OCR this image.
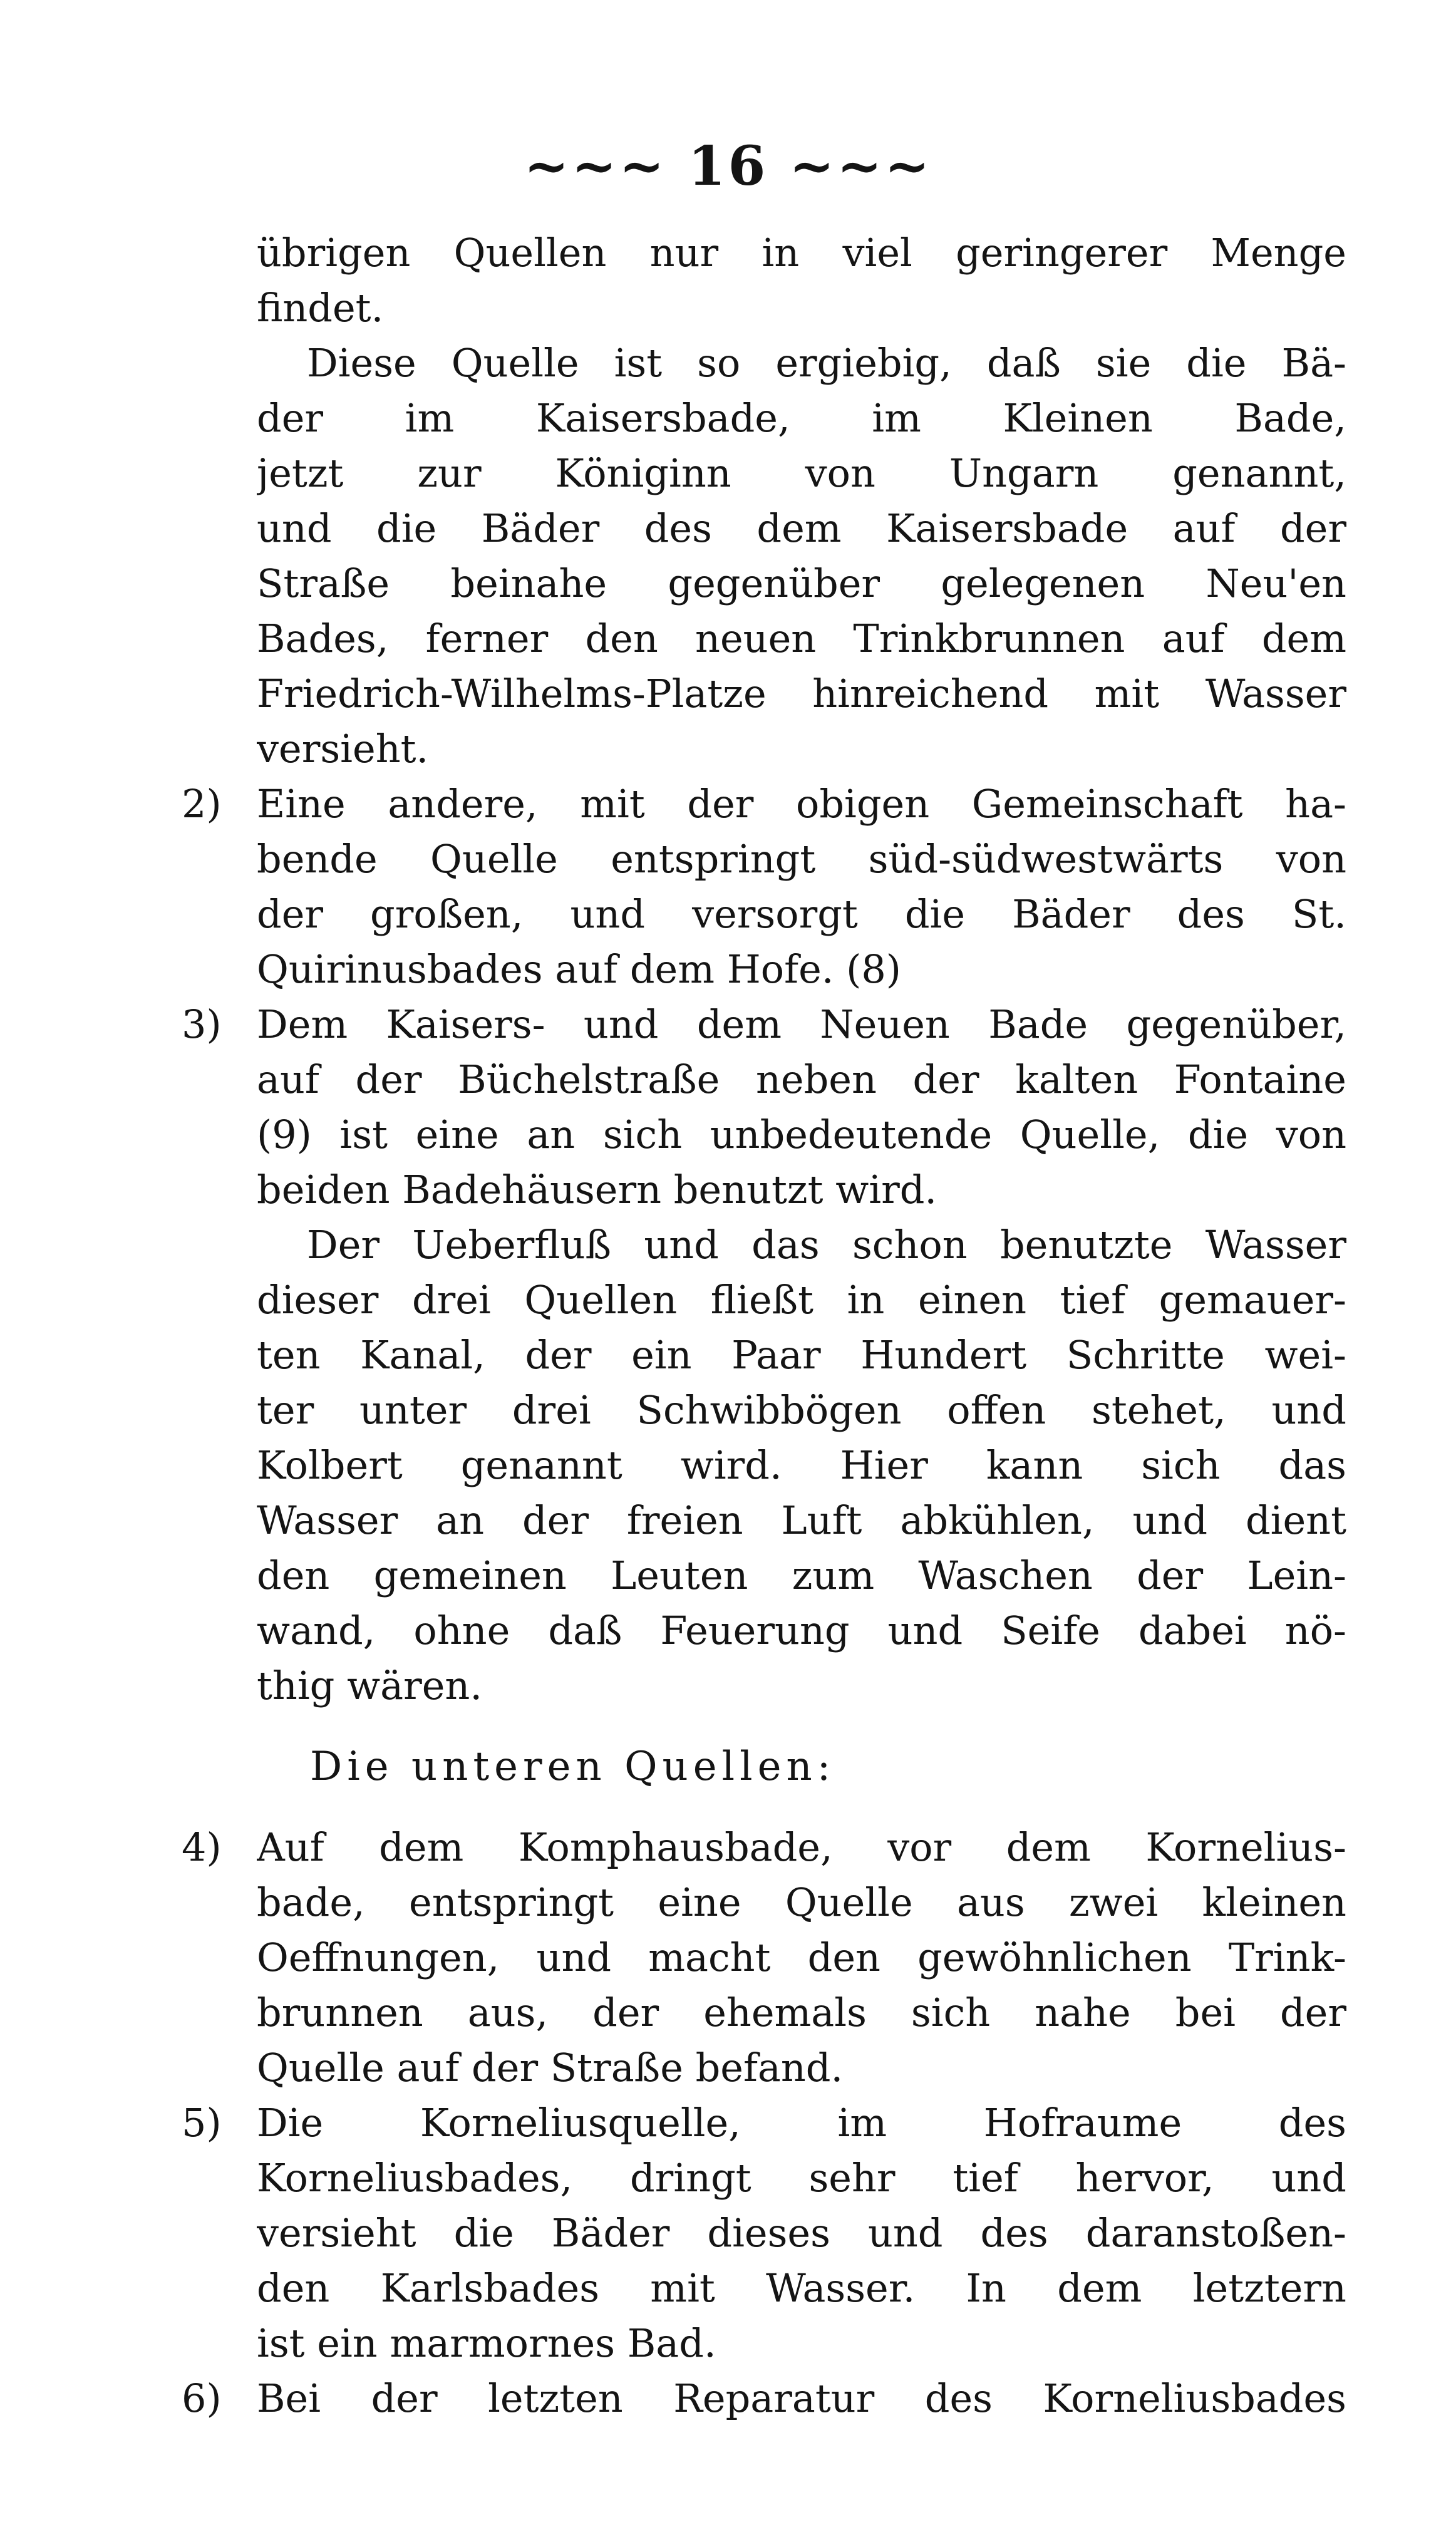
~~~ 16 ~~~
übrigen Quellen nur in viel geringerer Menge
findet.
Diese Quelle ist so ergiebig, daß sie die Bä-
der im Kaisersbade, im Kleinen Bade,
jetzt zur Königinn von Ungarn genannt,
und die Bäder des dem Kaisersbade auf der
Straße beinahe gegenüber gelegenen Neu'en
Bades, ferner den neuen Trinkbrunnen auf dem
Friedrich-Wilhelms-Platze hinreichend mit Wasser
versieht.
2) Eine andere, mit der obigen Gemeinschaft ha-
bende Quelle entspringt süd-südwestwärts von
der großen, und versorgt die Bäder des St.
Quirinusbades auf dem Hofe. (8)
3) Dem Kaisers- und dem Neuen Bade gegenüber,
auf der Büchelstraße neben der kalten Fontaine
(9) ist eine an sich unbedeutende Quelle, die von
beiden Badehäusern benutzt wird.
Der Ueberfluß und das schon benutzte Wasser
dieser drei Quellen fließt in einen tief gemauer-
ten Kanal, der ein Paar Hundert Schritte wei-
ter unter drei Schwibbögen offen stehet, und
Kolbert genannt wird. Hier kann sich das
Wasser an der freien Luft abkühlen, und dient
den gemeinen Leuten zum Waschen der Lein-
wand, ohne daß Feuerung und Seife dabei nö-
thig wären.
Die unteren Quellen:
4) Auf dem Komphausbade, vor dem Kornelius-
bade, entspringt eine Quelle aus zwei kleinen
Oeffnungen, und macht den gewöhnlichen Trink-
brunnen aus, der ehemals sich nahe bei der
Quelle auf der Straße befand.
5) Die Korneliusquelle, im Hofraume des
Korneliusbades, dringt sehr tief hervor, und
versieht die Bäder dieses und des daranstoßen-
den Karlsbades mit Wasser. In dem letztern
ist ein marmornes Bad.
6) Bei der letzten Reparatur des Korneliusbades
